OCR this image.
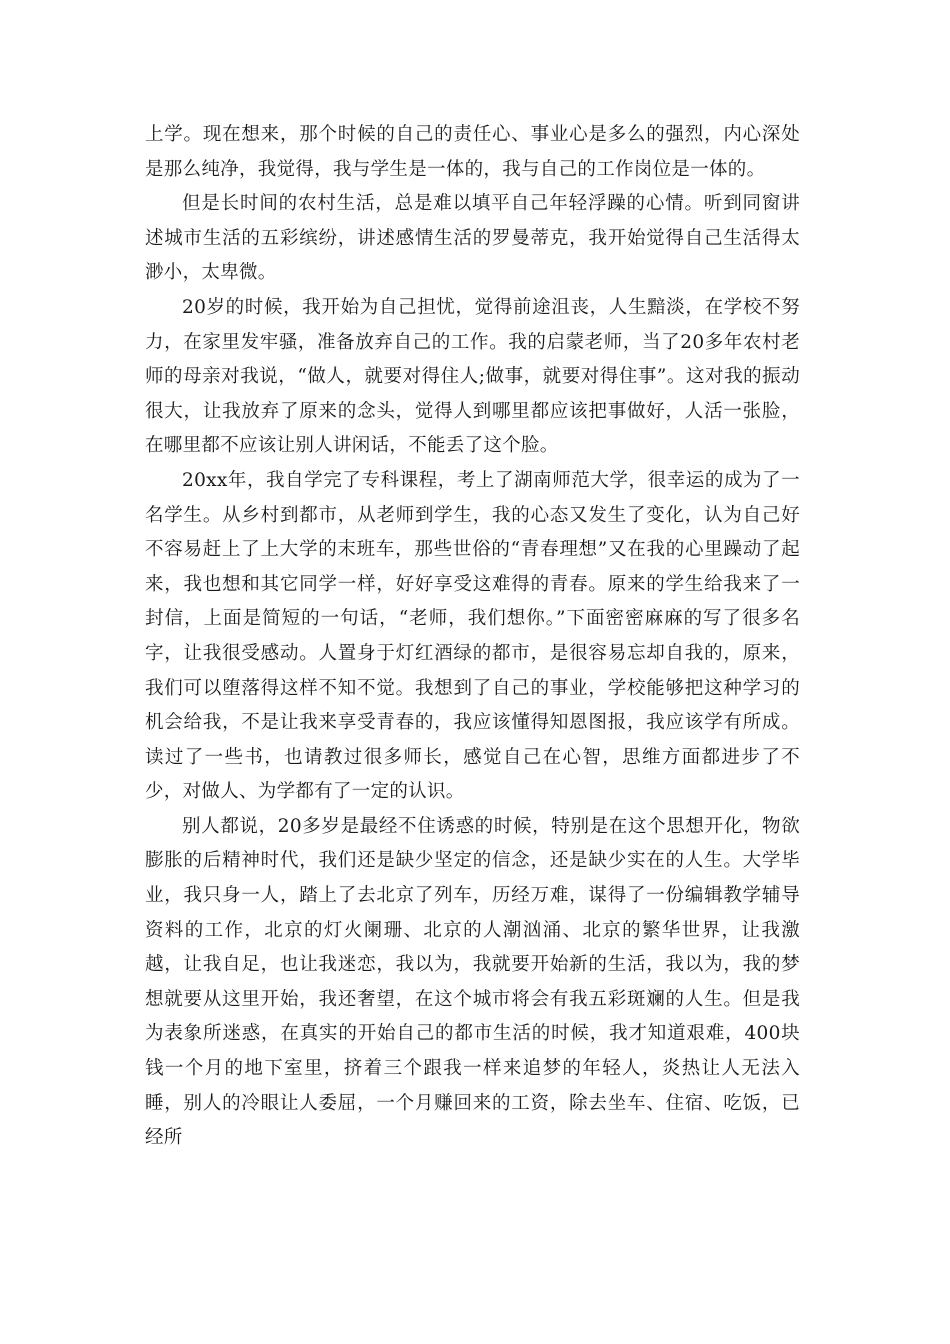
上学。现在想来，那个时候的自己的责任心、事业心是多么的强烈，内心深处是那么纯净，我觉得，我与学生是一体的，我与自己的工作岗位是一体的。

但是长时间的农村生活，总是难以填平自己年轻浮躁的心情。听到同窗讲述城市生活的五彩缤纷，讲述感情生活的罗曼蒂克，我开始觉得自己生活得太渺小，太卑微。

20岁的时候，我开始为自己担忧，觉得前途沮丧，人生黯淡，在学校不努力，在家里发牢骚，准备放弃自己的工作。我的启蒙老师，当了20多年农村老师的母亲对我说，“做人，就要对得住人;做事，就要对得住事”。这对我的振动很大，让我放弃了原来的念头，觉得人到哪里都应该把事做好，人活一张脸，在哪里都不应该让别人讲闲话，不能丢了这个脸。

20xx年，我自学完了专科课程，考上了湖南师范大学，很幸运的成为了一名学生。从乡村到都市，从老师到学生，我的心态又发生了变化，认为自己好不容易赶上了上大学的末班车，那些世俗的“青春理想”又在我的心里躁动了起来，我也想和其它同学一样，好好享受这难得的青春。原来的学生给我来了一封信，上面是简短的一句话，“老师，我们想你。”下面密密麻麻的写了很多名字，让我很受感动。人置身于灯红酒绿的都市，是很容易忘却自我的，原来，我们可以堕落得这样不知不觉。我想到了自己的事业，学校能够把这种学习的机会给我，不是让我来享受青春的，我应该懂得知恩图报，我应该学有所成。读过了一些书，也请教过很多师长，感觉自己在心智，思维方面都进步了不少，对做人、为学都有了一定的认识。

别人都说，20多岁是最经不住诱惑的时候，特别是在这个思想开化，物欲膨胀的后精神时代，我们还是缺少坚定的信念，还是缺少实在的人生。大学毕业，我只身一人，踏上了去北京了列车，历经万难，谋得了一份编辑教学辅导资料的工作，北京的灯火阑珊、北京的人潮汹涌、北京的繁华世界，让我激越，让我自足，也让我迷恋，我以为，我就要开始新的生活，我以为，我的梦想就要从这里开始，我还奢望，在这个城市将会有我五彩斑斓的人生。但是我为表象所迷惑，在真实的开始自己的都市生活的时候，我才知道艰难，400块钱一个月的地下室里，挤着三个跟我一样来追梦的年轻人，炎热让人无法入睡，别人的冷眼让人委屈，一个月赚回来的工资，除去坐车、住宿、吃饭，已经所
